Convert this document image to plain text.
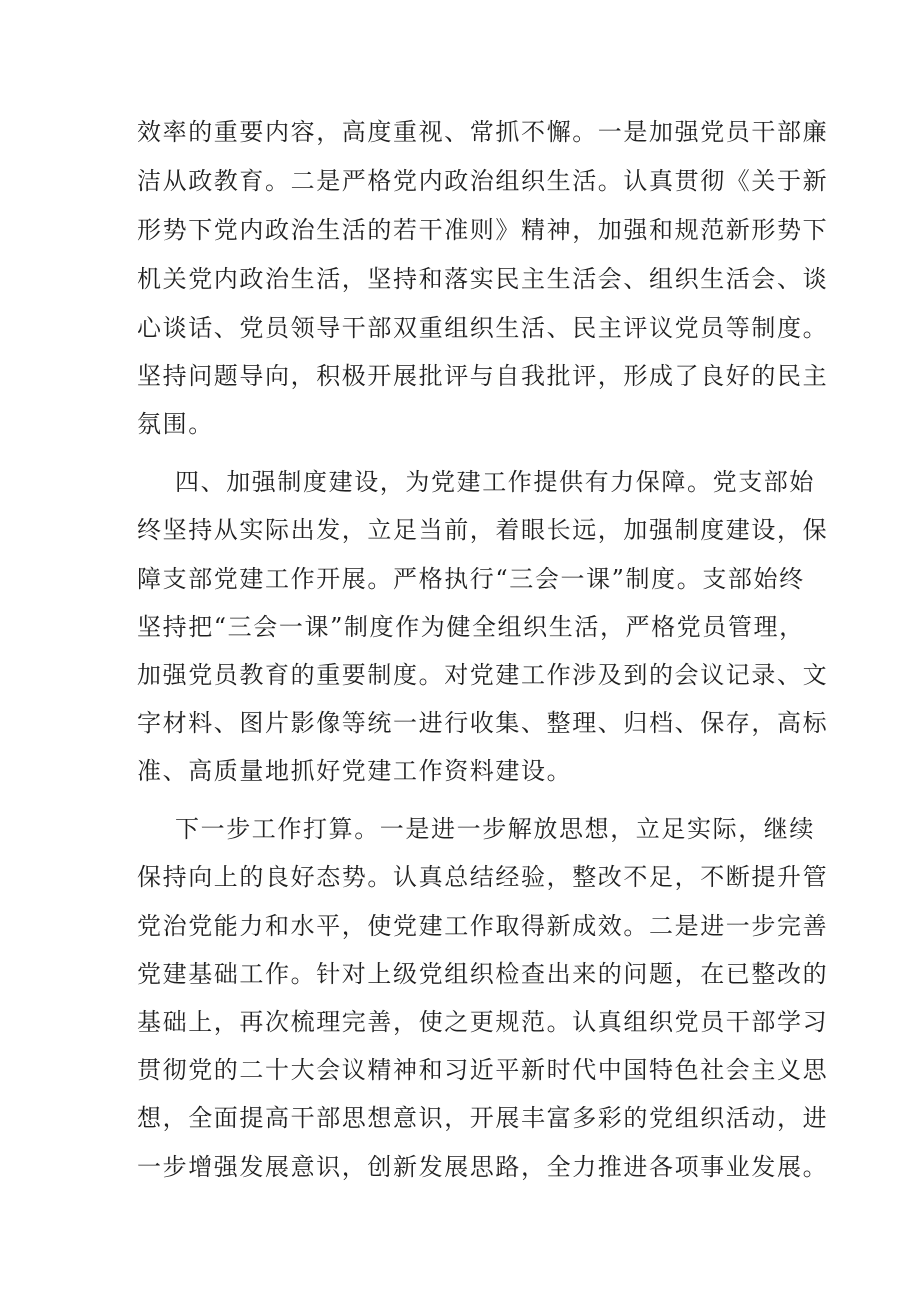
效率的重要内容，高度重视、常抓不懈。一是加强党员干部廉
洁从政教育。二是严格党内政治组织生活。认真贯彻《关于新
形势下党内政治生活的若干准则》精神，加强和规范新形势下
机关党内政治生活，坚持和落实民主生活会、组织生活会、谈
心谈话、党员领导干部双重组织生活、民主评议党员等制度。
坚持问题导向，积极开展批评与自我批评，形成了良好的民主
氛围。
四、加强制度建设，为党建工作提供有力保障。党支部始
终坚持从实际出发，立足当前，着眼长远，加强制度建设，保
障支部党建工作开展。严格执行“三会一课”制度。支部始终
坚持把“三会一课”制度作为健全组织生活，严格党员管理，
加强党员教育的重要制度。对党建工作涉及到的会议记录、文
字材料、图片影像等统一进行收集、整理、归档、保存，高标
准、高质量地抓好党建工作资料建设。
下一步工作打算。一是进一步解放思想，立足实际，继续
保持向上的良好态势。认真总结经验，整改不足，不断提升管
党治党能力和水平，使党建工作取得新成效。二是进一步完善
党建基础工作。针对上级党组织检查出来的问题，在已整改的
基础上，再次梳理完善，使之更规范。认真组织党员干部学习
贯彻党的二十大会议精神和习近平新时代中国特色社会主义思
想，全面提高干部思想意识，开展丰富多彩的党组织活动，进
一步增强发展意识，创新发展思路，全力推进各项事业发展。
